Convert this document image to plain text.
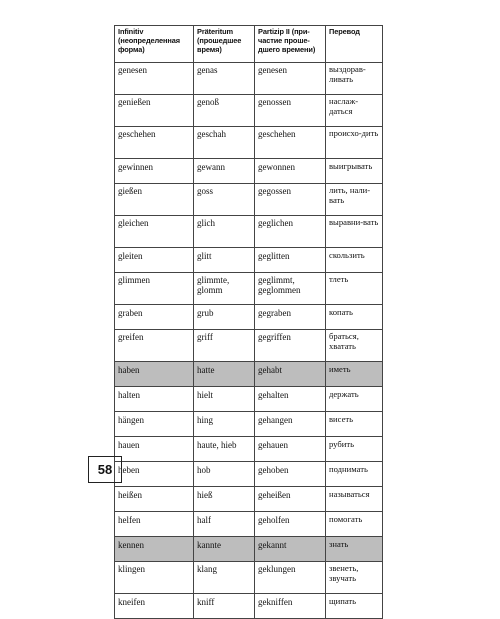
Infinitiv (неопределенная форма)	Präteritum (прошедшее время)	Partizip II (при-частие проше-дшего времени)	Перевод
genesen	genas	genesen	выздорав-ливать
genießen	genoß	genossen	наслаж-даться
geschehen	geschah	geschehen	происхо-дить
gewinnen	gewann	gewonnen	выигрывать
gießen	goss	gegossen	лить, нали-вать
gleichen	glich	geglichen	выравни-вать
gleiten	glitt	geglitten	скользить
glimmen	glimmte, glomm	geglimmt, geglommen	тлеть
graben	grub	gegraben	копать
greifen	griff	gegriffen	браться, хватать
haben	hatte	gehabt	иметь
halten	hielt	gehalten	держать
hängen	hing	gehangen	висеть
hauen	haute, hieb	gehauen	рубить
heben	hob	gehoben	поднимать
heißen	hieß	geheißen	называться
helfen	half	geholfen	помогать
kennen	kannte	gekannt	знать
klingen	klang	geklungen	звенеть, звучать
kneifen	kniff	gekniffen	щипать
58
